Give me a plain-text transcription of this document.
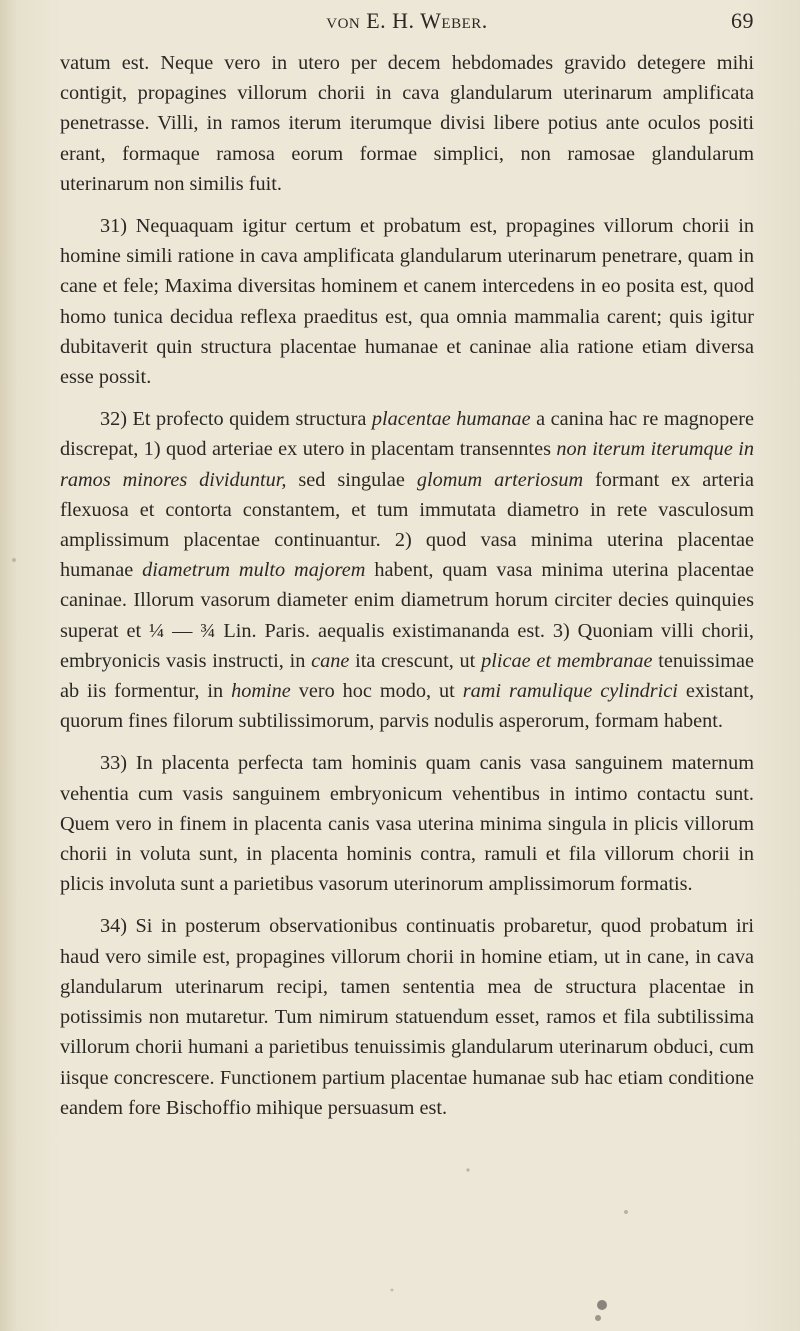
von E. H. Weber.	69

vatum est. Neque vero in utero per decem hebdomades gravido detegere mihi contigit, propagines villorum chorii in cava glandularum uterinarum amplificata penetrasse. Villi, in ramos iterum iterumque divisi libere potius ante oculos positi erant, formaque ramosa eorum formae simplici, non ramosae glandularum uterinarum non similis fuit.

31) Nequaquam igitur certum et probatum est, propagines villorum chorii in homine simili ratione in cava amplificata glandularum uterinarum penetrare, quam in cane et fele; Maxima diversitas hominem et canem intercedens in eo posita est, quod homo tunica decidua reflexa praeditus est, qua omnia mammalia carent; quis igitur dubitaverit quin structura placentae humanae et caninae alia ratione etiam diversa esse possit.

32) Et profecto quidem structura placentae humanae a canina hac re magnopere discrepat, 1) quod arteriae ex utero in placentam transenntes non iterum iterumque in ramos minores dividuntur, sed singulae glomum arteriosum formant ex arteria flexuosa et contorta constantem, et tum immutata diametro in rete vasculosum amplissimum placentae continuantur. 2) quod vasa minima uterina placentae humanae diametrum multo majorem habent, quam vasa minima uterina placentae caninae. Illorum vasorum diameter enim diametrum horum circiter decies quinquies superat et ¼ — ¾ Lin. Paris. aequalis existimananda est. 3) Quoniam villi chorii, embryonicis vasis instructi, in cane ita crescunt, ut plicae et membranae tenuissimae ab iis formentur, in homine vero hoc modo, ut rami ramulique cylindrici existant, quorum fines filorum subtilissimorum, parvis nodulis asperorum, formam habent.

33) In placenta perfecta tam hominis quam canis vasa sanguinem maternum vehentia cum vasis sanguinem embryonicum vehentibus in intimo contactu sunt. Quem vero in finem in placenta canis vasa uterina minima singula in plicis villorum chorii in voluta sunt, in placenta hominis contra, ramuli et fila villorum chorii in plicis involuta sunt a parietibus vasorum uterinorum amplissimorum formatis.

34) Si in posterum observationibus continuatis probaretur, quod probatum iri haud vero simile est, propagines villorum chorii in homine etiam, ut in cane, in cava glandularum uterinarum recipi, tamen sententia mea de structura placentae in potissimis non mutaretur. Tum nimirum statuendum esset, ramos et fila subtilissima villorum chorii humani a parietibus tenuissimis glandularum uterinarum obduci, cum iisque concrescere. Functionem partium placentae humanae sub hac etiam conditione eandem fore Bischoffio mihique persuasum est.
